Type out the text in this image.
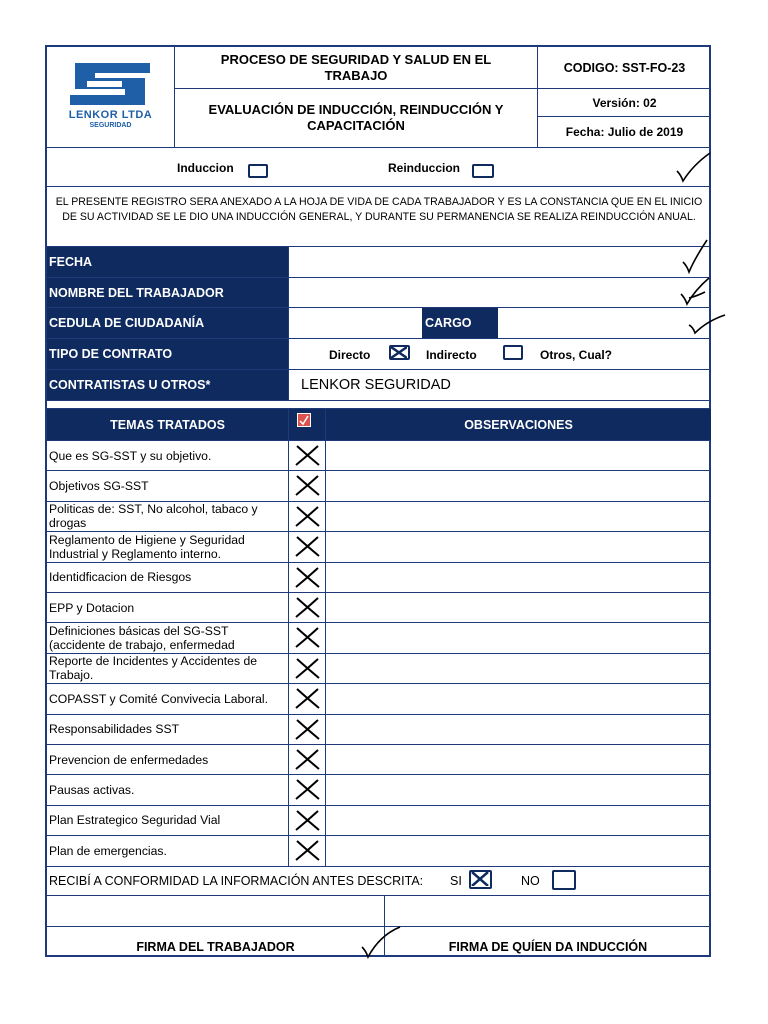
LENKOR LTDA
SEGURIDAD
PROCESO DE SEGURIDAD Y SALUD EN EL TRABAJO
EVALUACIÓN DE INDUCCIÓN, REINDUCCIÓN Y CAPACITACIÓN
CODIGO: SST-FO-23
Versión: 02
Fecha: Julio de 2019
Induccion	Reinduccion
EL PRESENTE REGISTRO SERA ANEXADO A LA HOJA DE VIDA DE CADA TRABAJADOR Y ES LA CONSTANCIA QUE EN EL INICIO DE SU ACTIVIDAD SE LE DIO UNA INDUCCIÓN GENERAL, Y DURANTE SU PERMANENCIA SE REALIZA REINDUCCIÓN ANUAL.
FECHA
NOMBRE DEL TRABAJADOR
CEDULA DE CIUDADANÍA	CARGO
TIPO DE CONTRATO	Directo	Indirecto	Otros, Cual?
CONTRATISTAS U OTROS*	LENKOR SEGURIDAD
TEMAS TRATADOS	OBSERVACIONES
Que es SG-SST y su objetivo.
Objetivos SG-SST
Politicas de: SST, No alcohol, tabaco y drogas
Reglamento de Higiene y Seguridad Industrial y Reglamento interno.
Identidficacion de Riesgos
EPP y Dotacion
Definiciones básicas del SG-SST (accidente de trabajo, enfermedad
Reporte de Incidentes y Accidentes de Trabajo.
COPASST y Comité Convivecia Laboral.
Responsabilidades SST
Prevencion de enfermedades
Pausas activas.
Plan Estrategico Seguridad Vial
Plan de emergencias.
RECIBÍ A CONFORMIDAD LA INFORMACIÓN ANTES DESCRITA: SI	NO
FIRMA DEL TRABAJADOR	FIRMA DE QUÍEN DA INDUCCIÓN
